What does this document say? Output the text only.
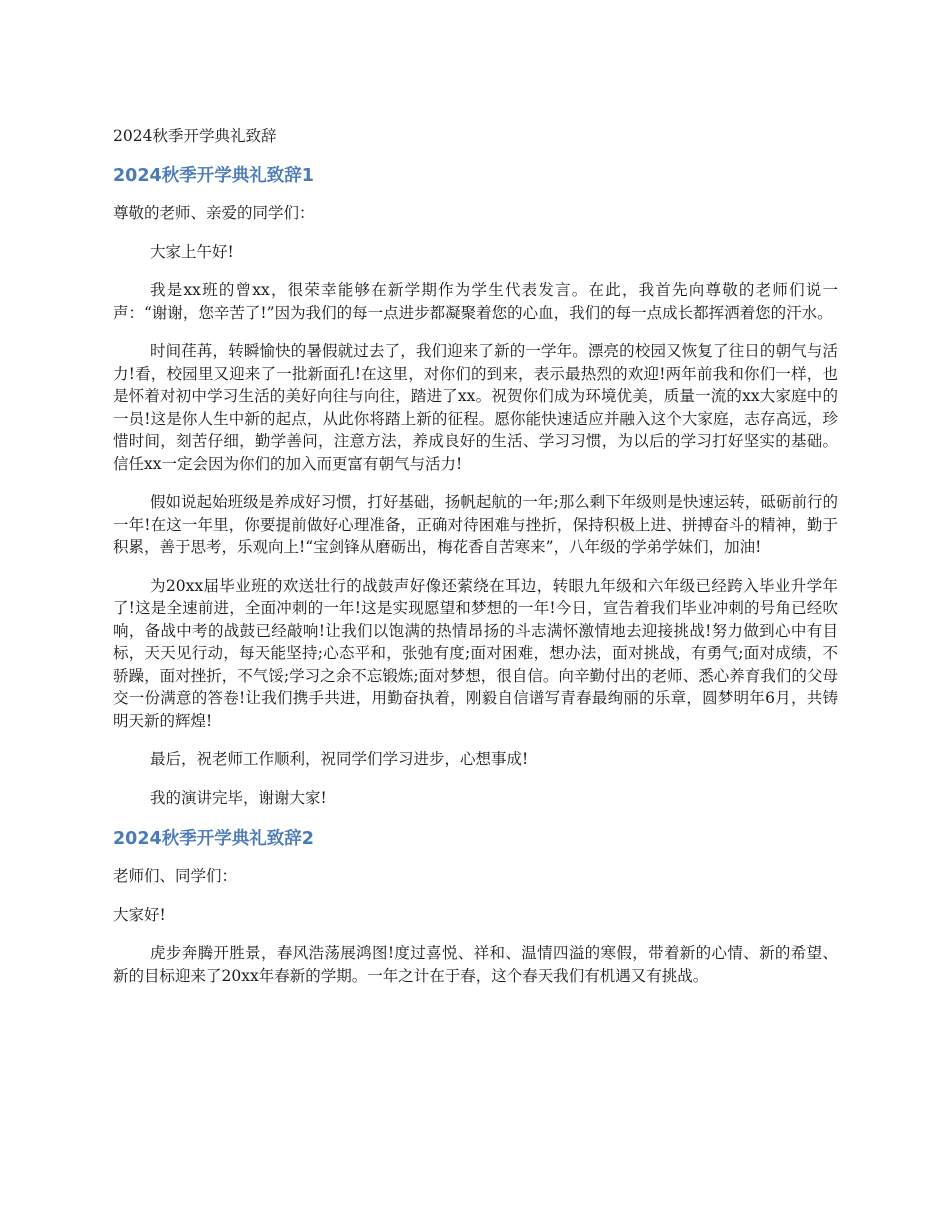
2024秋季开学典礼致辞
2024秋季开学典礼致辞1
尊敬的老师、亲爱的同学们：
大家上午好!
我是xx班的曾xx，很荣幸能够在新学期作为学生代表发言。在此，我首先向尊敬的老师们说一声：“谢谢，您辛苦了!”因为我们的每一点进步都凝聚着您的心血，我们的每一点成长都挥洒着您的汗水。
时间荏苒，转瞬愉快的暑假就过去了，我们迎来了新的一学年。漂亮的校园又恢复了往日的朝气与活力!看，校园里又迎来了一批新面孔!在这里，对你们的到来，表示最热烈的欢迎!两年前我和你们一样，也是怀着对初中学习生活的美好向往与向往，踏进了xx。祝贺你们成为环境优美，质量一流的xx大家庭中的一员!这是你人生中新的起点，从此你将踏上新的征程。愿你能快速适应并融入这个大家庭，志存高远，珍惜时间，刻苦仔细，勤学善问，注意方法，养成良好的生活、学习习惯，为以后的学习打好坚实的基础。信任xx一定会因为你们的加入而更富有朝气与活力!
假如说起始班级是养成好习惯，打好基础，扬帆起航的一年;那么剩下年级则是快速运转，砥砺前行的一年!在这一年里，你要提前做好心理准备，正确对待困难与挫折，保持积极上进、拼搏奋斗的精神，勤于积累，善于思考，乐观向上!“宝剑锋从磨砺出，梅花香自苦寒来”，八年级的学弟学妹们，加油!
为20xx届毕业班的欢送壮行的战鼓声好像还萦绕在耳边，转眼九年级和六年级已经跨入毕业升学年了!这是全速前进，全面冲刺的一年!这是实现愿望和梦想的一年!今日，宣告着我们毕业冲刺的号角已经吹响，备战中考的战鼓已经敲响!让我们以饱满的热情昂扬的斗志满怀激情地去迎接挑战!努力做到心中有目标，天天见行动，每天能坚持;心态平和，张弛有度;面对困难，想办法，面对挑战，有勇气;面对成绩，不骄躁，面对挫折，不气馁;学习之余不忘锻炼;面对梦想，很自信。向辛勤付出的老师、悉心养育我们的父母交一份满意的答卷!让我们携手共进，用勤奋执着，刚毅自信谱写青春最绚丽的乐章，圆梦明年6月，共铸明天新的辉煌!
最后，祝老师工作顺利，祝同学们学习进步，心想事成!
我的演讲完毕，谢谢大家!
2024秋季开学典礼致辞2
老师们、同学们：
大家好!
虎步奔腾开胜景，春风浩荡展鸿图!度过喜悦、祥和、温情四溢的寒假，带着新的心情、新的希望、新的目标迎来了20xx年春新的学期。一年之计在于春，这个春天我们有机遇又有挑战。
